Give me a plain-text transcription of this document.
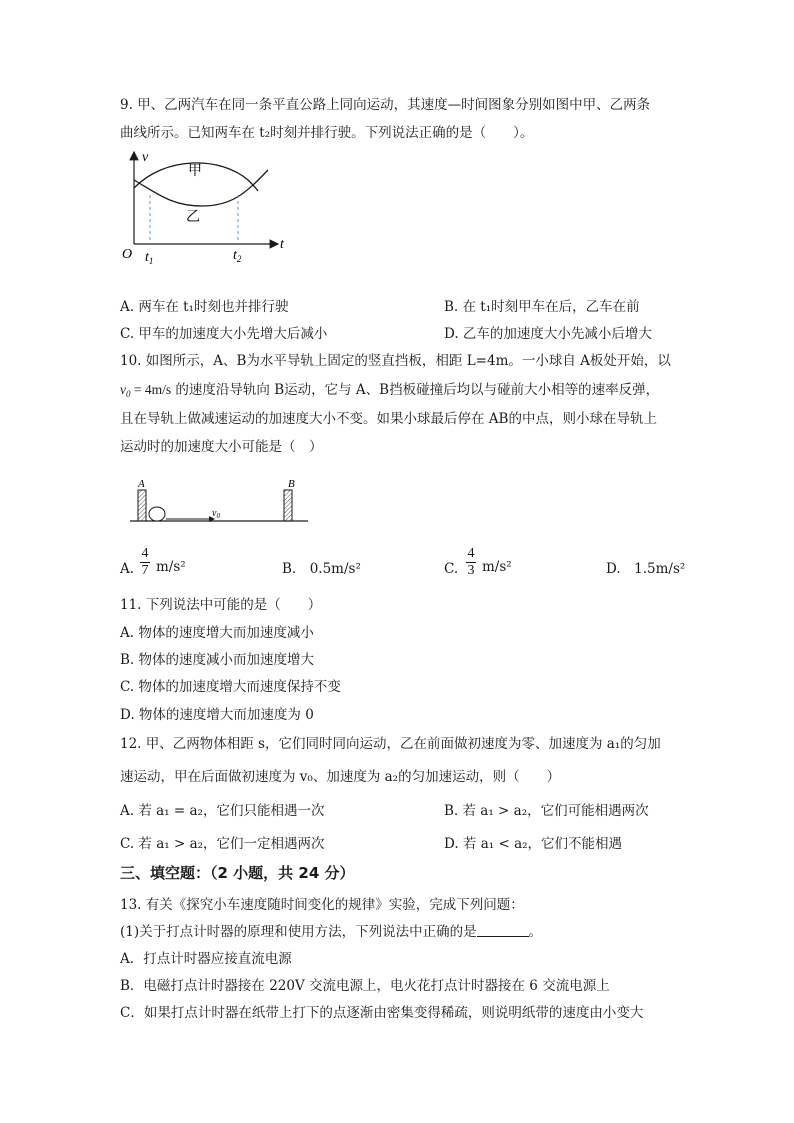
9. 甲、乙两汽车在同一条平直公路上同向运动，其速度—时间图象分别如图中甲、乙两条
曲线所示。已知两车在 t₂时刻并排行驶。下列说法正确的是（　　）。
v
t
O
甲
乙
$t_1$	$t_2$
A. 两车在 t₁时刻也并排行驶	B. 在 t₁时刻甲车在后，乙车在前
C. 甲车的加速度大小先增大后减小	D. 乙车的加速度大小先减小后增大
10. 如图所示，A、B为水平导轨上固定的竖直挡板，相距 L=4m。一小球自 A板处开始，以
$v_0 = 4m/s$ 的速度沿导轨向 B运动，它与 A、B挡板碰撞后均以与碰前大小相等的速率反弹，
且在导轨上做减速运动的加速度大小不变。如果小球最后停在 AB的中点，则小球在导轨上
运动时的加速度大小可能是（　）
A	B
$v_0$
A.
4
7 m/s²	B.　0.5m/s²	C.
4
3 m/s²	D.　1.5m/s²
11. 下列说法中可能的是（　　）
A. 物体的速度增大而加速度减小
B. 物体的速度减小而加速度增大
C. 物体的加速度增大而速度保持不变
D. 物体的速度增大而加速度为 0
12. 甲、乙两物体相距 s，它们同时同向运动，乙在前面做初速度为零、加速度为 a₁的匀加
速运动，甲在后面做初速度为 v₀、加速度为 a₂的匀加速运动，则（　　）
A. 若 a₁ = a₂，它们只能相遇一次	B. 若 a₁ > a₂，它们可能相遇两次
C. 若 a₁ > a₂，它们一定相遇两次	D. 若 a₁ < a₂，它们不能相遇
三、填空题：（2 小题，共 24 分）
13. 有关《探究小车速度随时间变化的规律》实验，完成下列问题：
(1)关于打点计时器的原理和使用方法，下列说法中正确的是	。
A．打点计时器应接直流电源
B．电磁打点计时器接在 220V 交流电源上，电火花打点计时器接在 6 交流电源上
C．如果打点计时器在纸带上打下的点逐渐由密集变得稀疏，则说明纸带的速度由小变大
